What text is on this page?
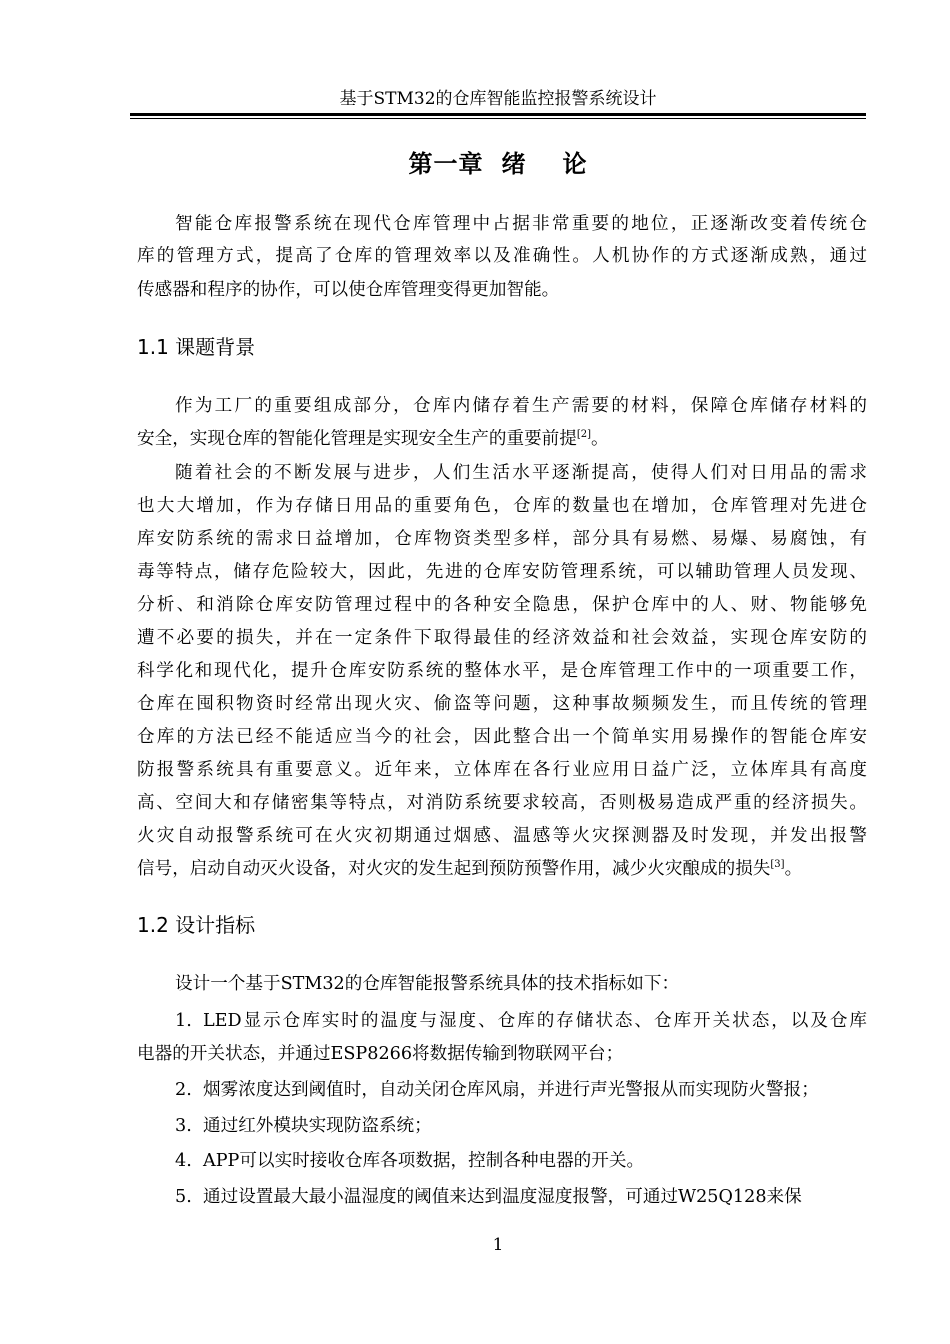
基于STM32的仓库智能监控报警系统设计
第一章 绪 论
智能仓库报警系统在现代仓库管理中占据非常重要的地位，正逐渐改变着传统仓
库的管理方式，提高了仓库的管理效率以及准确性。人机协作的方式逐渐成熟，通过
传感器和程序的协作，可以使仓库管理变得更加智能。
1.1 课题背景
作为工厂的重要组成部分，仓库内储存着生产需要的材料，保障仓库储存材料的
安全，实现仓库的智能化管理是实现安全生产的重要前提[2]。
随着社会的不断发展与进步，人们生活水平逐渐提高，使得人们对日用品的需求
也大大增加，作为存储日用品的重要角色，仓库的数量也在增加，仓库管理对先进仓
库安防系统的需求日益增加，仓库物资类型多样，部分具有易燃、易爆、易腐蚀，有
毒等特点，储存危险较大，因此，先进的仓库安防管理系统，可以辅助管理人员发现、
分析、和消除仓库安防管理过程中的各种安全隐患，保护仓库中的人、财、物能够免
遭不必要的损失，并在一定条件下取得最佳的经济效益和社会效益，实现仓库安防的
科学化和现代化，提升仓库安防系统的整体水平，是仓库管理工作中的一项重要工作，
仓库在囤积物资时经常出现火灾、偷盗等问题，这种事故频频发生，而且传统的管理
仓库的方法已经不能适应当今的社会，因此整合出一个简单实用易操作的智能仓库安
防报警系统具有重要意义。近年来，立体库在各行业应用日益广泛，立体库具有高度
高、空间大和存储密集等特点，对消防系统要求较高，否则极易造成严重的经济损失。
火灾自动报警系统可在火灾初期通过烟感、温感等火灾探测器及时发现，并发出报警
信号，启动自动灭火设备，对火灾的发生起到预防预警作用，减少火灾酿成的损失[3]。
1.2 设计指标
设计一个基于STM32的仓库智能报警系统具体的技术指标如下：
1. LED显示仓库实时的温度与湿度、仓库的存储状态、仓库开关状态，以及仓库
电器的开关状态，并通过ESP8266将数据传输到物联网平台；
2. 烟雾浓度达到阈值时，自动关闭仓库风扇，并进行声光警报从而实现防火警报；
3. 通过红外模块实现防盗系统；
4. APP可以实时接收仓库各项数据，控制各种电器的开关。
5. 通过设置最大最小温湿度的阈值来达到温度湿度报警，可通过W25Q128来保
1
